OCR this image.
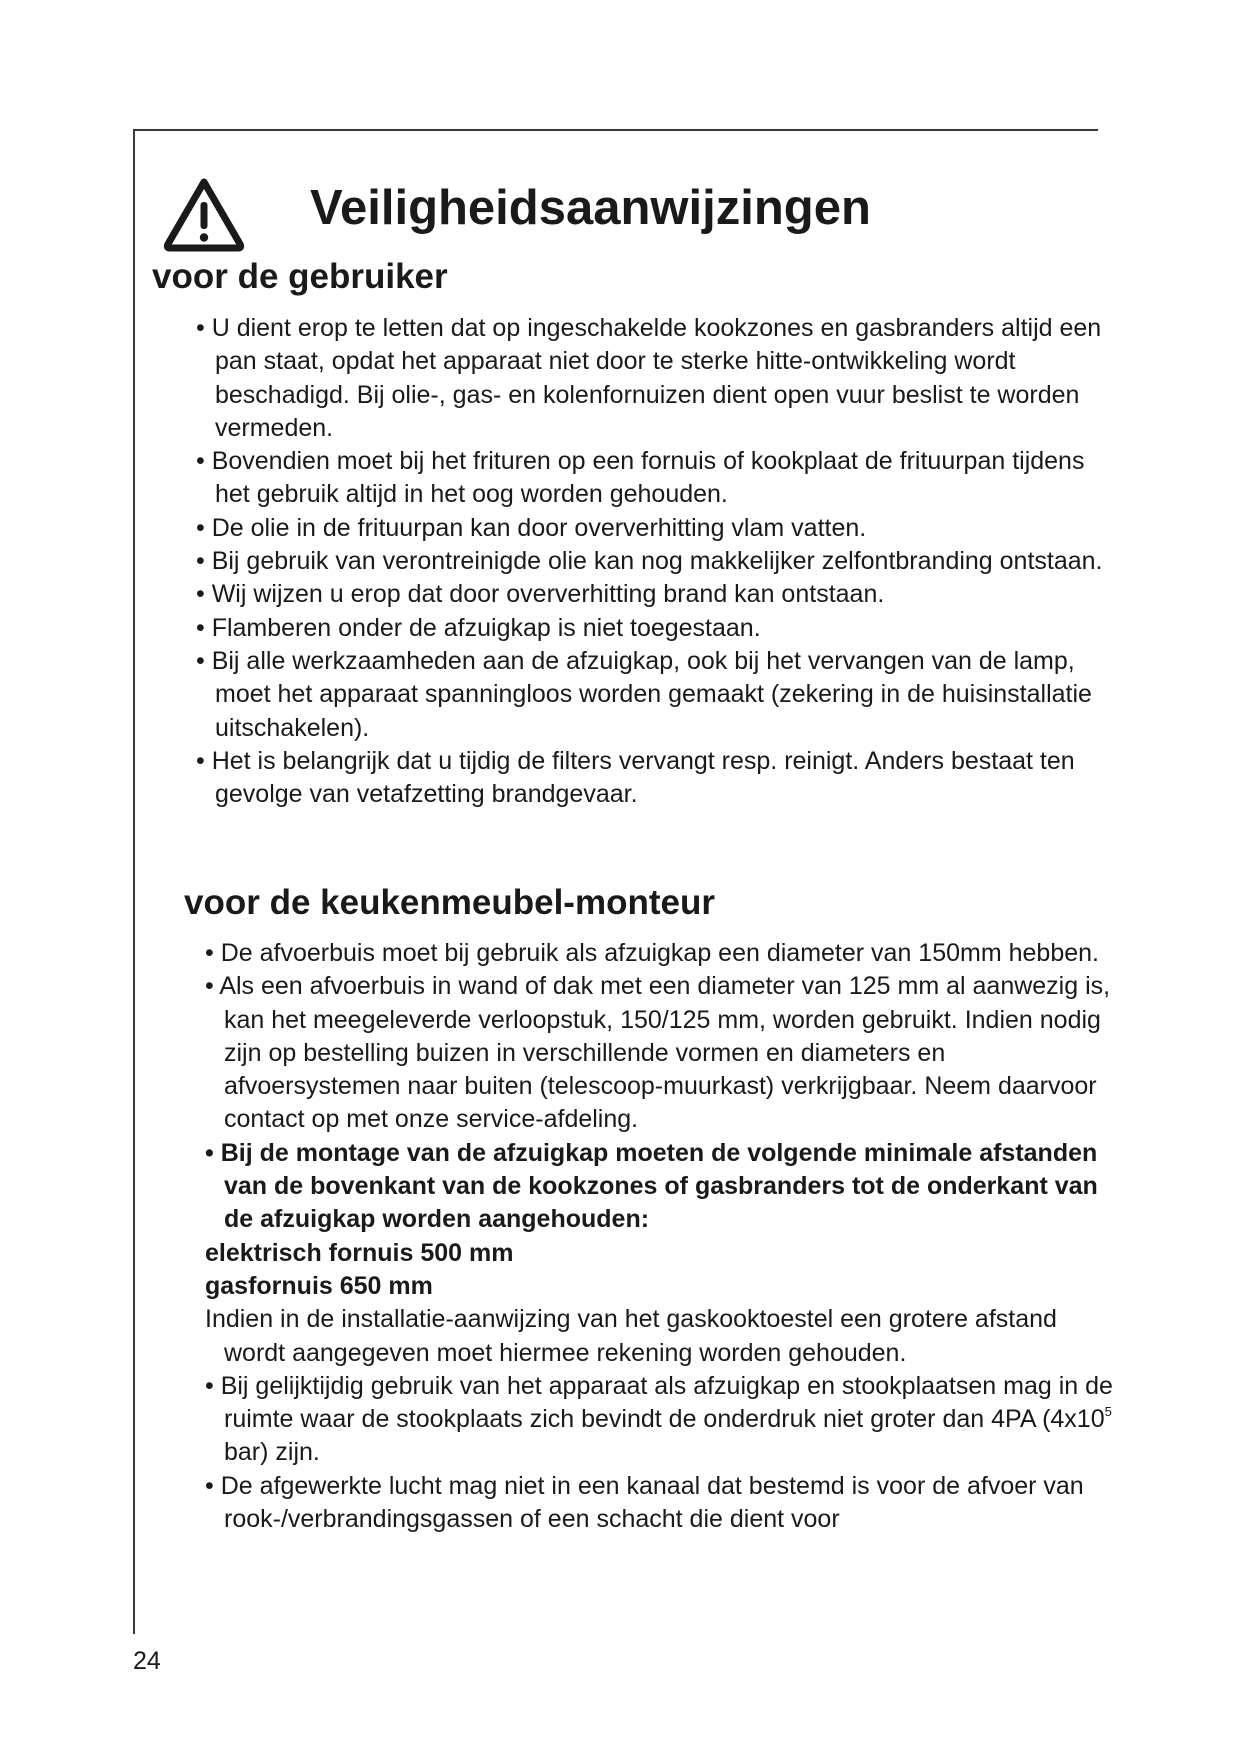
Veiligheidsaanwijzingen
voor de gebruiker
• U dient erop te letten dat op ingeschakelde kookzones en gasbranders altijd een pan staat, opdat het apparaat niet door te sterke hitte-ontwikkeling wordt beschadigd. Bij olie-, gas- en kolenfornuizen dient open vuur beslist te worden vermeden.
• Bovendien moet bij het frituren op een fornuis of kookplaat de frituurpan tijdens het gebruik altijd in het oog worden gehouden.
• De olie in de frituurpan kan door oververhitting vlam vatten.
• Bij gebruik van verontreinigde olie kan nog makkelijker zelfontbranding ontstaan.
• Wij wijzen u erop dat door oververhitting brand kan ontstaan.
• Flamberen onder de afzuigkap is niet toegestaan.
• Bij alle werkzaamheden aan de afzuigkap, ook bij het vervangen van de lamp, moet het apparaat spanningloos worden gemaakt (zekering in de huisinstallatie uitschakelen).
• Het is belangrijk dat u tijdig de filters vervangt resp. reinigt. Anders bestaat ten gevolge van vetafzetting brandgevaar.
voor de keukenmeubel-monteur
• De afvoerbuis moet bij gebruik als afzuigkap een diameter van 150mm hebben.
• Als een afvoerbuis in wand of dak met een diameter van 125 mm al aanwezig is, kan het meegeleverde verloopstuk, 150/125 mm, worden gebruikt. Indien nodig zijn op bestelling buizen in verschillende vormen en diameters en afvoersystemen naar buiten (telescoop-muurkast) verkrijgbaar. Neem daarvoor contact op met onze service-afdeling.
• Bij de montage van de afzuigkap moeten de volgende minimale afstanden van de bovenkant van de kookzones of gasbranders tot de onderkant van de afzuigkap worden aangehouden:
elektrisch fornuis 500 mm
gasfornuis 650 mm
Indien in de installatie-aanwijzing van het gaskooktoestel een grotere afstand wordt aangegeven moet hiermee rekening worden gehouden.
• Bij gelijktijdig gebruik van het apparaat als afzuigkap en stookplaatsen mag in de ruimte waar de stookplaats zich bevindt de onderdruk niet groter dan 4PA ($4x10^5$ bar) zijn.
• De afgewerkte lucht mag niet in een kanaal dat bestemd is voor de afvoer van rook-/verbrandingsgassen of een schacht die dient voor
24
